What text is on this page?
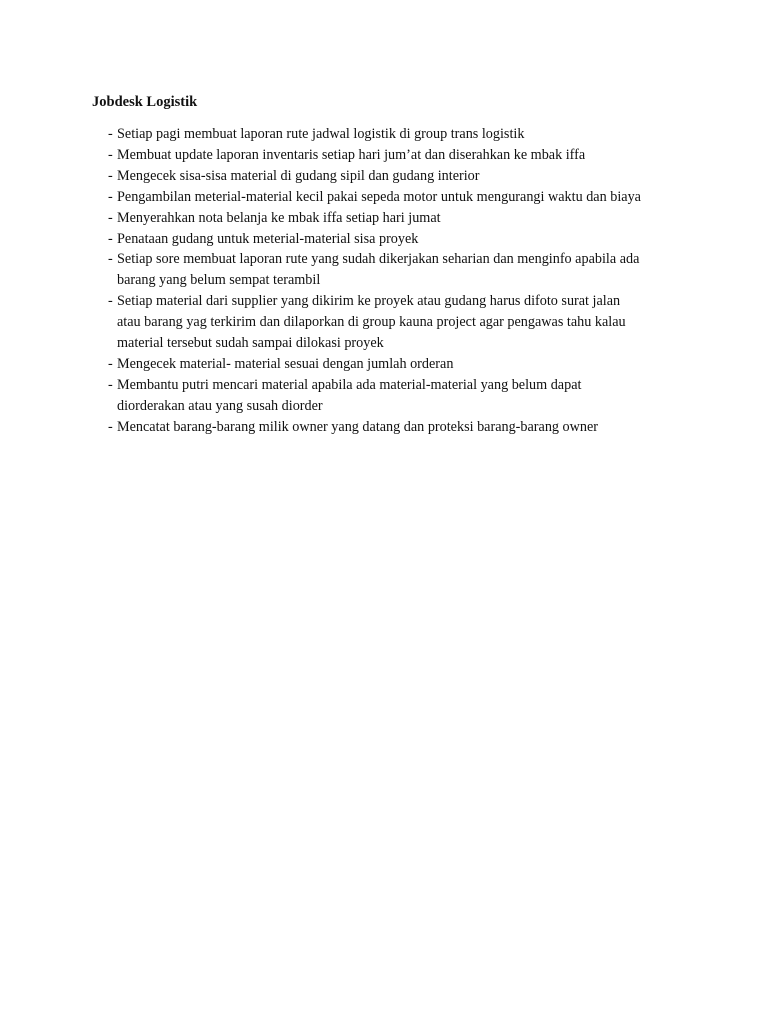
Jobdesk Logistik
- Setiap pagi membuat laporan rute jadwal logistik di group trans logistik
- Membuat update laporan inventaris setiap hari jum’at dan diserahkan ke mbak iffa
- Mengecek sisa-sisa material di gudang sipil dan gudang interior
- Pengambilan meterial-material kecil pakai sepeda motor untuk mengurangi waktu dan biaya
- Menyerahkan nota belanja ke mbak iffa setiap hari jumat
- Penataan gudang untuk meterial-material sisa proyek
- Setiap sore membuat laporan rute yang sudah dikerjakan seharian dan menginfo apabila ada
barang yang belum sempat terambil
- Setiap material dari supplier yang dikirim ke proyek atau gudang harus difoto surat jalan
atau barang yag terkirim dan dilaporkan di group kauna project agar pengawas tahu kalau
material tersebut sudah sampai dilokasi proyek
- Mengecek material- material sesuai dengan jumlah orderan
- Membantu putri mencari material apabila ada material-material yang belum dapat
diorderakan atau yang susah diorder
- Mencatat barang-barang milik owner yang datang dan proteksi barang-barang owner
